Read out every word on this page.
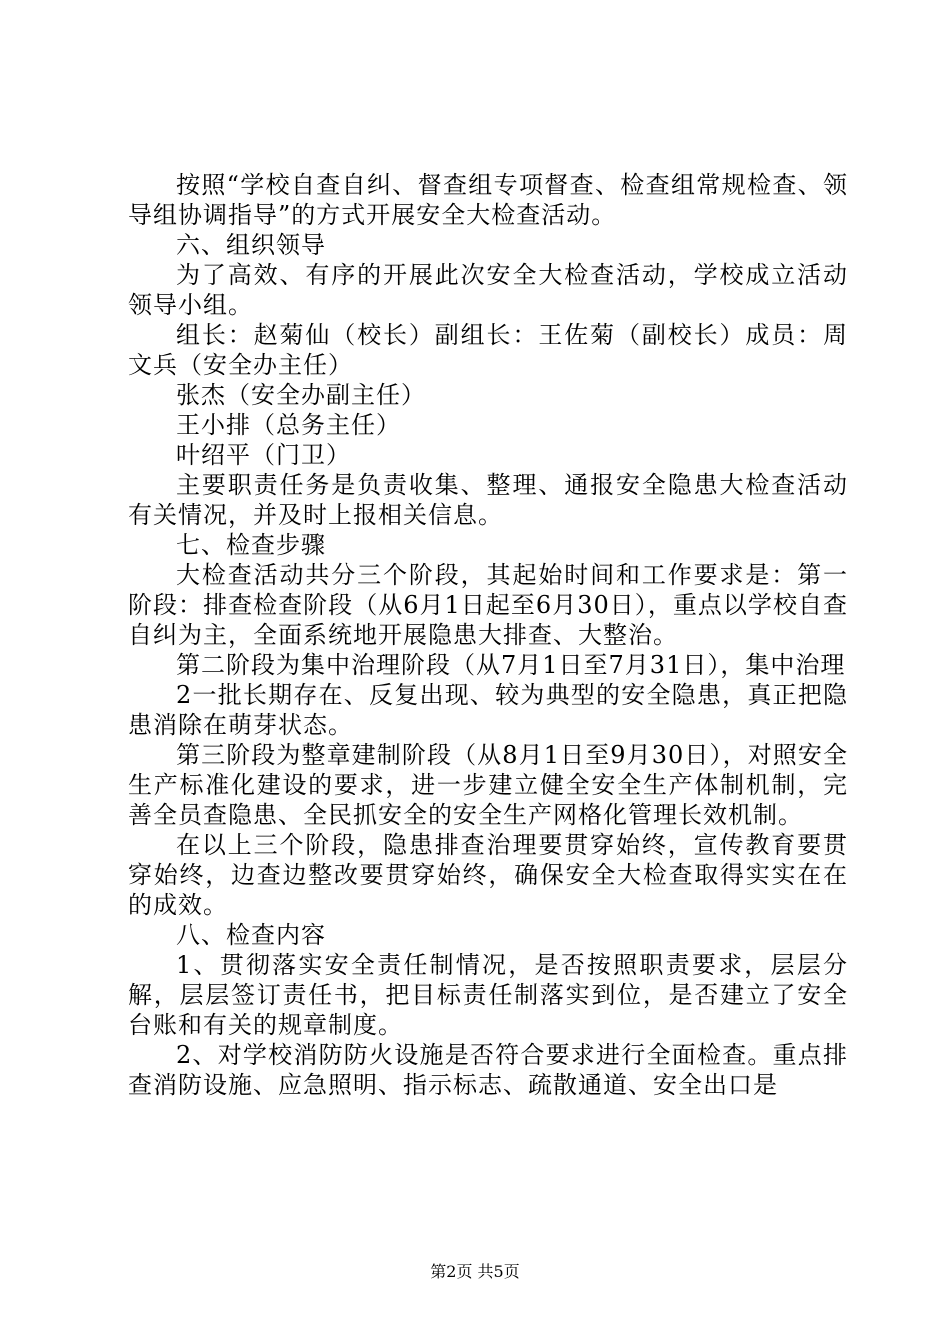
按照“学校自查自纠、督查组专项督查、检查组常规检查、领导组协调指导”的方式开展安全大检查活动。

六、组织领导

为了高效、有序的开展此次安全大检查活动，学校成立活动领导小组。

组长：赵菊仙（校长）副组长：王佐菊（副校长）成员：周文兵（安全办主任）

张杰（安全办副主任）

王小排（总务主任）

叶绍平（门卫）

主要职责任务是负责收集、整理、通报安全隐患大检查活动有关情况，并及时上报相关信息。

七、检查步骤

大检查活动共分三个阶段，其起始时间和工作要求是：第一阶段：排查检查阶段（从6月1日起至6月30日），重点以学校自查自纠为主，全面系统地开展隐患大排查、大整治。

第二阶段为集中治理阶段（从7月1日至7月31日），集中治理

2一批长期存在、反复出现、较为典型的安全隐患，真正把隐患消除在萌芽状态。

第三阶段为整章建制阶段（从8月1日至9月30日），对照安全生产标准化建设的要求，进一步建立健全安全生产体制机制，完善全员查隐患、全民抓安全的安全生产网格化管理长效机制。

在以上三个阶段，隐患排查治理要贯穿始终，宣传教育要贯穿始终，边查边整改要贯穿始终，确保安全大检查取得实实在在的成效。

八、检查内容

1、贯彻落实安全责任制情况，是否按照职责要求，层层分解，层层签订责任书，把目标责任制落实到位，是否建立了安全台账和有关的规章制度。

2、对学校消防防火设施是否符合要求进行全面检查。重点排查消防设施、应急照明、指示标志、疏散通道、安全出口是

第2页 共5页
